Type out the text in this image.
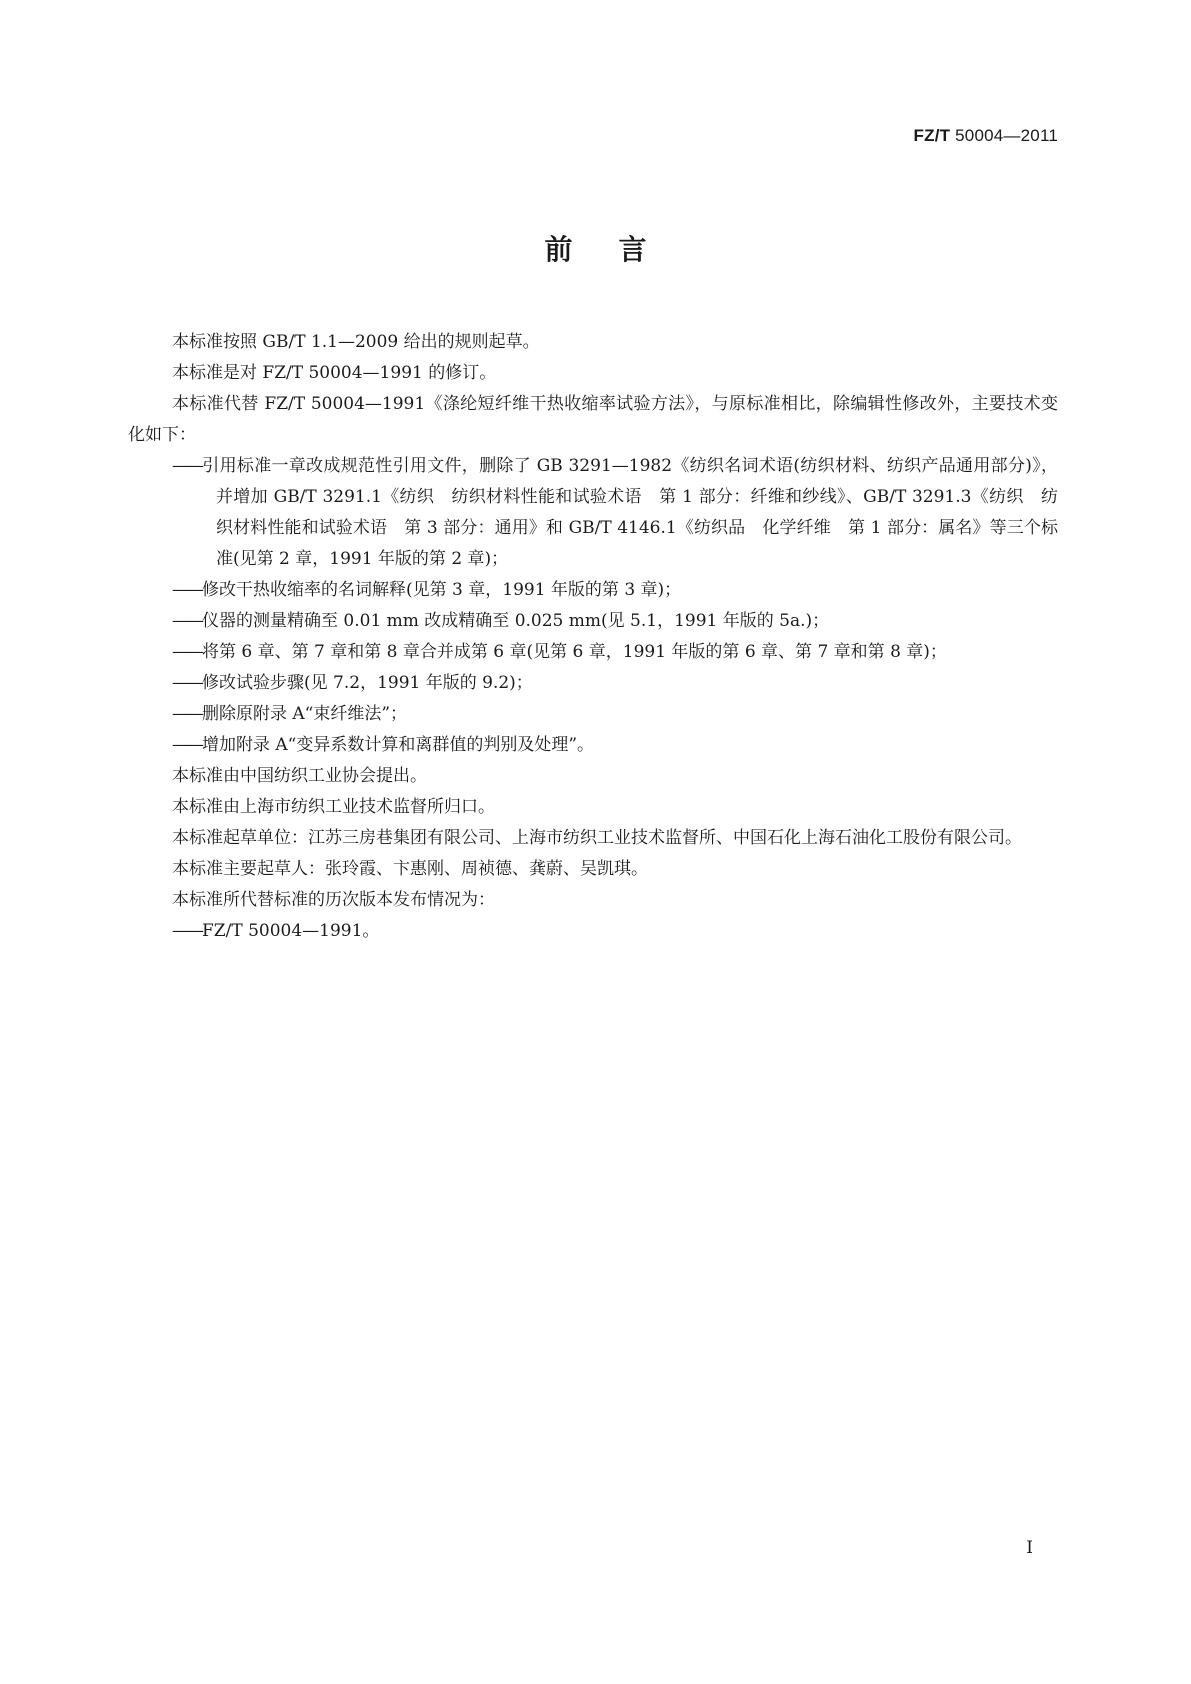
FZ/T 50004—2011
前言

本标准按照 GB/T 1.1—2009 给出的规则起草。

本标准是对 FZ/T 50004—1991 的修订。

本标准代替 FZ/T 50004—1991《涤纶短纤维干热收缩率试验方法》，与原标准相比，除编辑性修改外，主要技术变化如下：

——引用标准一章改成规范性引用文件，删除了 GB 3291—1982《纺织名词术语(纺织材料、纺织产品通用部分)》，并增加 GB/T 3291.1《纺织　纺织材料性能和试验术语　第 1 部分：纤维和纱线》、GB/T 3291.3《纺织　纺织材料性能和试验术语　第 3 部分：通用》和 GB/T 4146.1《纺织品　化学纤维　第 1 部分：属名》等三个标准(见第 2 章，1991 年版的第 2 章)；
——修改干热收缩率的名词解释(见第 3 章，1991 年版的第 3 章)；
——仪器的测量精确至 0.01 mm 改成精确至 0.025 mm(见 5.1，1991 年版的 5a.)；
——将第 6 章、第 7 章和第 8 章合并成第 6 章(见第 6 章，1991 年版的第 6 章、第 7 章和第 8 章)；
——修改试验步骤(见 7.2，1991 年版的 9.2)；
——删除原附录 A“束纤维法”；
——增加附录 A“变异系数计算和离群值的判别及处理”。

本标准由中国纺织工业协会提出。

本标准由上海市纺织工业技术监督所归口。

本标准起草单位：江苏三房巷集团有限公司、上海市纺织工业技术监督所、中国石化上海石油化工股份有限公司。

本标准主要起草人：张玲霞、卞惠刚、周祯德、龚蔚、吴凯琪。

本标准所代替标准的历次版本发布情况为：

——FZ/T 50004—1991。
I
